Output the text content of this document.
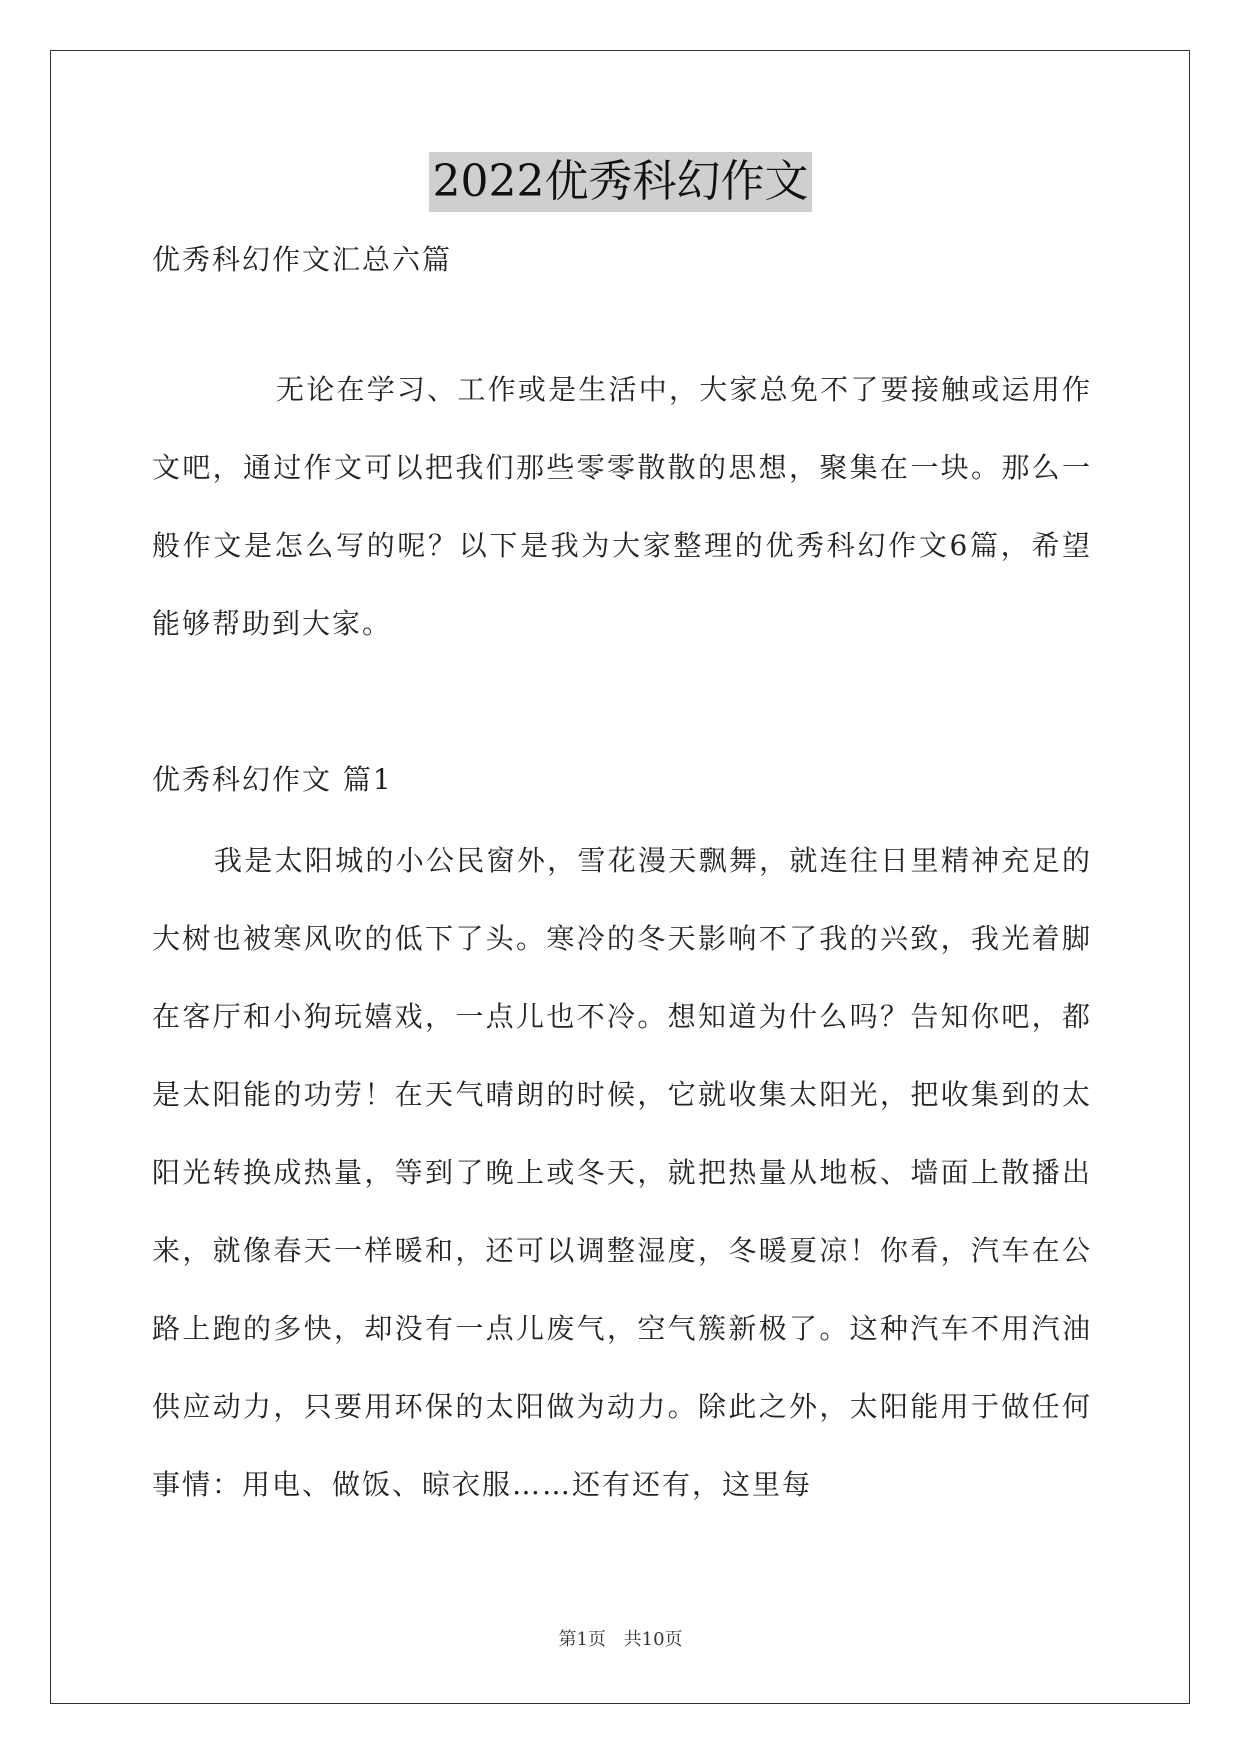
2022优秀科幻作文
优秀科幻作文汇总六篇
无论在学习、工作或是生活中，大家总免不了要接触或运用作文吧，通过作文可以把我们那些零零散散的思想，聚集在一块。那么一般作文是怎么写的呢？以下是我为大家整理的优秀科幻作文6篇，希望能够帮助到大家。
优秀科幻作文 篇1
我是太阳城的小公民窗外，雪花漫天飘舞，就连往日里精神充足的大树也被寒风吹的低下了头。寒冷的冬天影响不了我的兴致，我光着脚在客厅和小狗玩嬉戏，一点儿也不冷。想知道为什么吗？告知你吧，都是太阳能的功劳！在天气晴朗的时候，它就收集太阳光，把收集到的太阳光转换成热量，等到了晚上或冬天，就把热量从地板、墙面上散播出来，就像春天一样暖和，还可以调整湿度，冬暖夏凉！你看，汽车在公路上跑的多快，却没有一点儿废气，空气簇新极了。这种汽车不用汽油供应动力，只要用环保的太阳做为动力。除此之外，太阳能用于做任何事情：用电、做饭、晾衣服……还有还有，这里每
第1页 共10页
